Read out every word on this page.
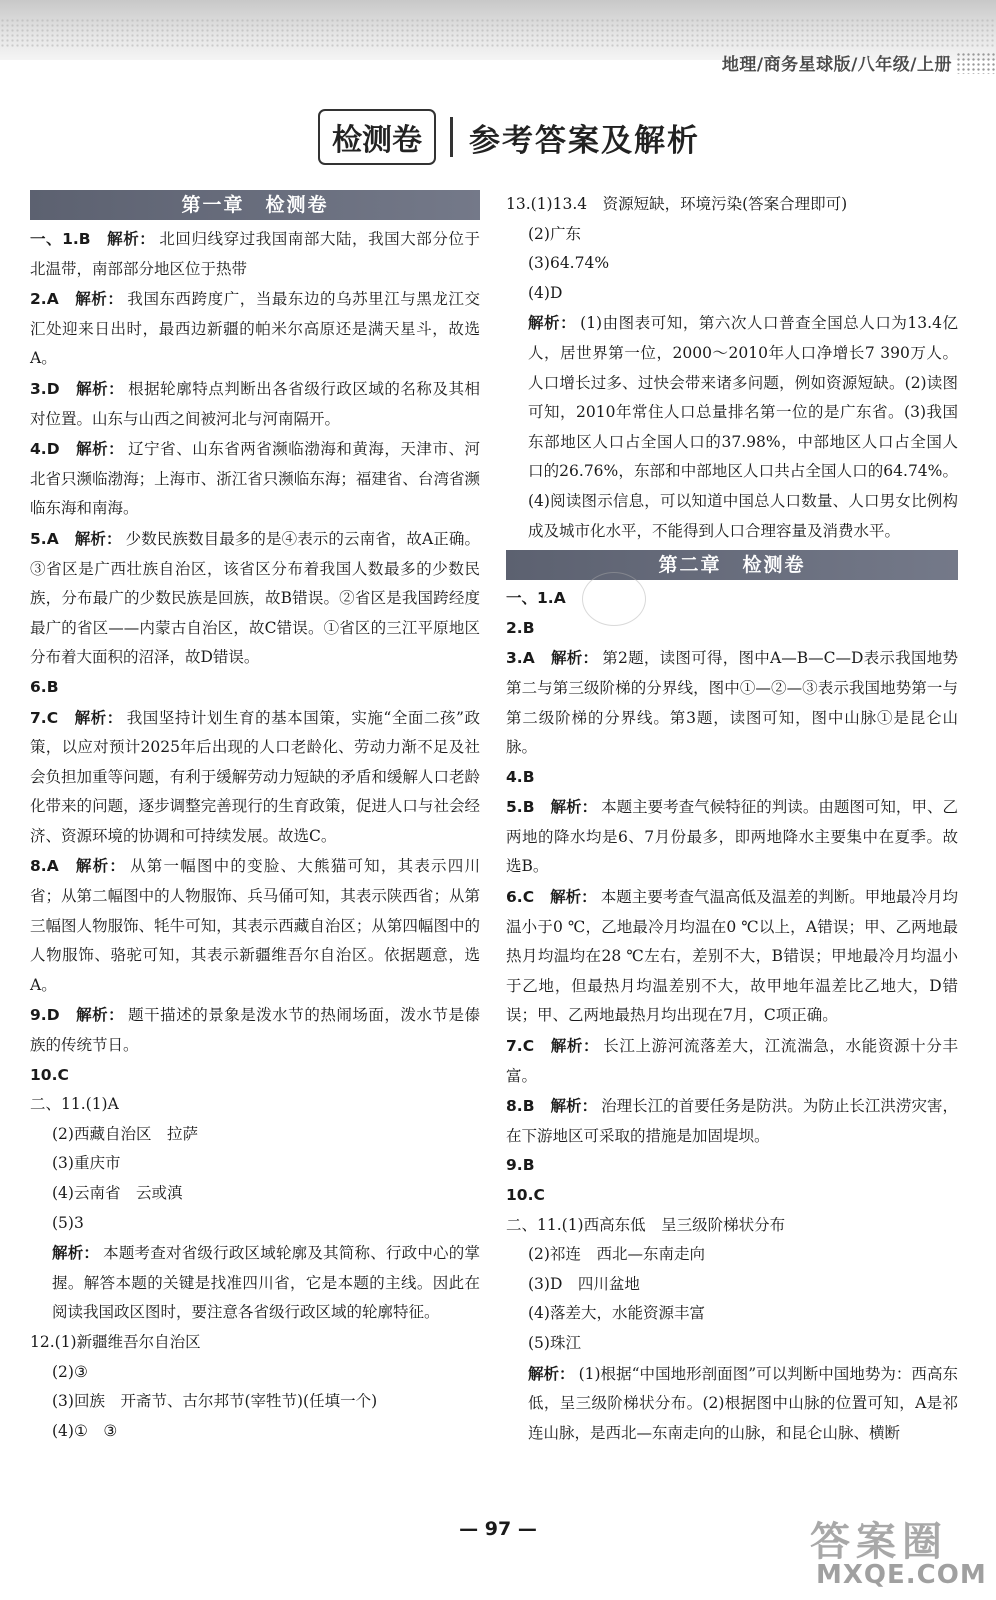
地理/商务星球版/八年级/上册
检测卷	参考答案及解析
第一章　检测卷
一、1.B 解析： 北回归线穿过我国南部大陆，我国大部分位于北温带，南部部分地区位于热带
2.A 解析： 我国东西跨度广，当最东边的乌苏里江与黑龙江交汇处迎来日出时，最西边新疆的帕米尔高原还是满天星斗，故选A。
3.D 解析： 根据轮廓特点判断出各省级行政区域的名称及其相对位置。山东与山西之间被河北与河南隔开。
4.D 解析： 辽宁省、山东省两省濒临渤海和黄海，天津市、河北省只濒临渤海；上海市、浙江省只濒临东海；福建省、台湾省濒临东海和南海。
5.A 解析： 少数民族数目最多的是④表示的云南省，故A正确。③省区是广西壮族自治区，该省区分布着我国人数最多的少数民族，分布最广的少数民族是回族，故B错误。②省区是我国跨经度最广的省区——内蒙古自治区，故C错误。①省区的三江平原地区分布着大面积的沼泽，故D错误。
6.B
7.C 解析： 我国坚持计划生育的基本国策，实施“全面二孩”政策，以应对预计2025年后出现的人口老龄化、劳动力渐不足及社会负担加重等问题，有利于缓解劳动力短缺的矛盾和缓解人口老龄化带来的问题，逐步调整完善现行的生育政策，促进人口与社会经济、资源环境的协调和可持续发展。故选C。
8.A 解析： 从第一幅图中的变脸、大熊猫可知，其表示四川省；从第二幅图中的人物服饰、兵马俑可知，其表示陕西省；从第三幅图人物服饰、牦牛可知，其表示西藏自治区；从第四幅图中的人物服饰、骆驼可知，其表示新疆维吾尔自治区。依据题意，选A。
9.D 解析： 题干描述的景象是泼水节的热闹场面，泼水节是傣族的传统节日。
10.C
二、11.(1)A
(2)西藏自治区　拉萨
(3)重庆市
(4)云南省　云或滇
(5)3
解析： 本题考查对省级行政区域轮廓及其简称、行政中心的掌握。解答本题的关键是找准四川省，它是本题的主线。因此在阅读我国政区图时，要注意各省级行政区域的轮廓特征。
12.(1)新疆维吾尔自治区
(2)③
(3)回族　开斋节、古尔邦节(宰牲节)(任填一个)
(4)①　③
13.(1)13.4　资源短缺，环境污染(答案合理即可)
(2)广东
(3)64.74%
(4)D
解析： (1)由图表可知，第六次人口普查全国总人口为13.4亿人，居世界第一位，2000～2010年人口净增长7 390万人。人口增长过多、过快会带来诸多问题，例如资源短缺。(2)读图可知，2010年常住人口总量排名第一位的是广东省。(3)我国东部地区人口占全国人口的37.98%，中部地区人口占全国人口的26.76%，东部和中部地区人口共占全国人口的64.74%。(4)阅读图示信息，可以知道中国总人口数量、人口男女比例构成及城市化水平，不能得到人口合理容量及消费水平。
第二章　检测卷
一、1.A
2.B
3.A 解析： 第2题，读图可得，图中A—B—C—D表示我国地势第二与第三级阶梯的分界线，图中①—②—③表示我国地势第一与第二级阶梯的分界线。第3题，读图可知，图中山脉①是昆仑山脉。
4.B
5.B 解析： 本题主要考查气候特征的判读。由题图可知，甲、乙两地的降水均是6、7月份最多，即两地降水主要集中在夏季。故选B。
6.C 解析： 本题主要考查气温高低及温差的判断。甲地最冷月均温小于0 ℃，乙地最冷月均温在0 ℃以上，A错误；甲、乙两地最热月均温均在28 ℃左右，差别不大，B错误；甲地最冷月均温小于乙地，但最热月均温差别不大，故甲地年温差比乙地大，D错误；甲、乙两地最热月均出现在7月，C项正确。
7.C 解析： 长江上游河流落差大，江流湍急，水能资源十分丰富。
8.B 解析： 治理长江的首要任务是防洪。为防止长江洪涝灾害，在下游地区可采取的措施是加固堤坝。
9.B
10.C
二、11.(1)西高东低　呈三级阶梯状分布
(2)祁连　西北—东南走向
(3)D　四川盆地
(4)落差大，水能资源丰富
(5)珠江
解析： (1)根据“中国地形剖面图”可以判断中国地势为：西高东低，呈三级阶梯状分布。(2)根据图中山脉的位置可知，A是祁连山脉，是西北—东南走向的山脉，和昆仑山脉、横断
— 97 —	答案圈
MXQE.COM
